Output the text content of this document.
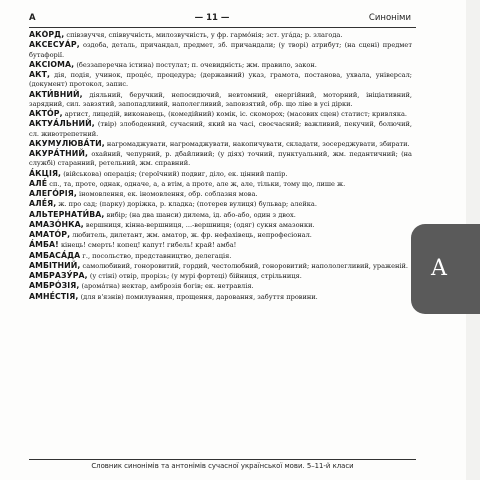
А	— 11 —	Синоніми
АКÓРД, співзвуччя, співвучність, милозвучність, у фр. гармо́нія; зст. угáда; р. злагода.
АКСЕСУÁР, оздоба, деталь, причандал, предмет, зб. причандали; (у творі) атрибут; (на сцені) предмет бутафорії.
АКСІОМА, (беззаперечна істина) постулат; п. очевидність; жм. правило, закон.
АКТ, дія, подія, учинок, проце́с, процедура; (державний) указ, грамота, постанова, ухвала, універсал; (документ) протокол, запис.
АКТИ́ВНИЙ, діяльний, беручкий, непосидючий, невтомний, енергійний, моторний, ініціативний, зарядний, сил. завзятий, запопадливий, наполегливий, заповзятий, обр. що ліве в усі дірки.
АКТÓР, артист, лицедій, виконавець, (комедійний) комік, іс. скоморох; (масових сцен) статист; кривляка.
АКТУА́ЛЬНИЙ, (твір) злободенний, сучасний, який на часі, своєчасний; важливий, пекучий, болючий, сл. животрепетний.
АКУМУЛЮВА́ТИ, нагромаджувати, нагромаджувати, накопичувати, складати, зосереджувати, збирати.
АКУРА́ТНИЙ, охайний, чепурний, р. дбайливий; (у діях) точний, пунктуальний, жм. педантичний; (на службі) старанний, ретельний, жм. справний.
А́КЦІЯ, (військова) операція; (героїчний) подвиг, діло, ек. цінний папір.
АЛЕ́ сп., та, проте, однак, одначе, а, а втім, а проте, але ж, але, тільки, тому що, лише ж.
АЛЕГÓРІЯ, іномовлення, ек. іномовлення, обр. соблазня мова.
АЛЕ́Я, ж. про сад; (парку) доріжка, р. кладка; (потерев вулиця) бульвар; алейка.
АЛЬТЕРНАТИ́ВА, вибір; (на два шанси) дилема, ід. або-або, один з двох.
АМАЗÓНКА, вершниця, кінна-вершниця, ...-вершниця; (одяг) сукня амазонки.
АМАТÓР, любитель, дилетант, жм. аматор, ж. фр. нефахівець, непрофесіонал.
А́МБА! кінець! смерть! копец! капут! гибель! край! амба!
АМБАСА́ДА г., посольство, представництво, делегація.
АМБІТНИЙ, самолюбивий, гоноровитий, гордий, честолюбний, гоноровитий; напололегливий, ураженій.
АМБРАЗУ́РА, (у стіні) отвір, прорізь; (у мурі фортеці) бійниця, стрільниця.
АМБРÓЗІЯ, (арома́тна) нектар, амброзія богів; ек. нетравлія.
АМНЕ́СТІЯ, (для в'язнів) помилування, прощення, даровання, забуття провини.
Словник синонімів та антонімів сучасної української мови. 5–11-й класи
А
